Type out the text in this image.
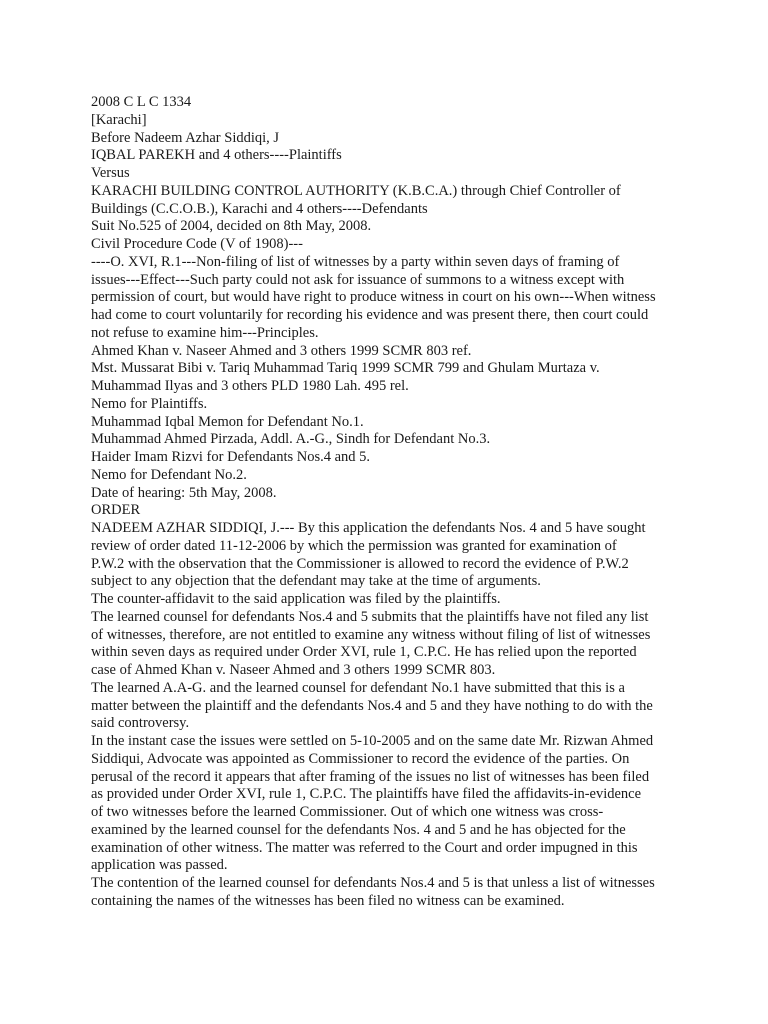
2008 C L C 1334
[Karachi]
Before Nadeem Azhar Siddiqi, J
IQBAL PAREKH and 4 others----Plaintiffs
Versus
KARACHI BUILDING CONTROL AUTHORITY (K.B.C.A.) through Chief Controller of
Buildings (C.C.O.B.), Karachi and 4 others----Defendants
Suit No.525 of 2004, decided on 8th May, 2008.
Civil Procedure Code (V of 1908)---
----O. XVI, R.1---Non-filing of list of witnesses by a party within seven days of framing of
issues---Effect---Such party could not ask for issuance of summons to a witness except with
permission of court, but would have right to produce witness in court on his own---When witness
had come to court voluntarily for recording his evidence and was present there, then court could
not refuse to examine him---Principles.
Ahmed Khan v. Naseer Ahmed and 3 others 1999 SCMR 803 ref.
Mst. Mussarat Bibi v. Tariq Muhammad Tariq 1999 SCMR 799 and Ghulam Murtaza v.
Muhammad Ilyas and 3 others PLD 1980 Lah. 495 rel.
Nemo for Plaintiffs.
Muhammad Iqbal Memon for Defendant No.1.
Muhammad Ahmed Pirzada, Addl. A.-G., Sindh for Defendant No.3.
Haider Imam Rizvi for Defendants Nos.4 and 5.
Nemo for Defendant No.2.
Date of hearing: 5th May, 2008.
ORDER
NADEEM AZHAR SIDDIQI, J.--- By this application the defendants Nos. 4 and 5 have sought
review of order dated 11-12-2006 by which the permission was granted for examination of
P.W.2 with the observation that the Commissioner is allowed to record the evidence of P.W.2
subject to any objection that the defendant may take at the time of arguments.
The counter-affidavit to the said application was filed by the plaintiffs.
The learned counsel for defendants Nos.4 and 5 submits that the plaintiffs have not filed any list
of witnesses, therefore, are not entitled to examine any witness without filing of list of witnesses
within seven days as required under Order XVI, rule 1, C.P.C. He has relied upon the reported
case of Ahmed Khan v. Naseer Ahmed and 3 others 1999 SCMR 803.
The learned A.A-G. and the learned counsel for defendant No.1 have submitted that this is a
matter between the plaintiff and the defendants Nos.4 and 5 and they have nothing to do with the
said controversy.
In the instant case the issues were settled on 5-10-2005 and on the same date Mr. Rizwan Ahmed
Siddiqui, Advocate was appointed as Commissioner to record the evidence of the parties. On
perusal of the record it appears that after framing of the issues no list of witnesses has been filed
as provided under Order XVI, rule 1, C.P.C. The plaintiffs have filed the affidavits-in-evidence
of two witnesses before the learned Commissioner. Out of which one witness was cross-
examined by the learned counsel for the defendants Nos. 4 and 5 and he has objected for the
examination of other witness. The matter was referred to the Court and order impugned in this
application was passed.
The contention of the learned counsel for defendants Nos.4 and 5 is that unless a list of witnesses
containing the names of the witnesses has been filed no witness can be examined.
